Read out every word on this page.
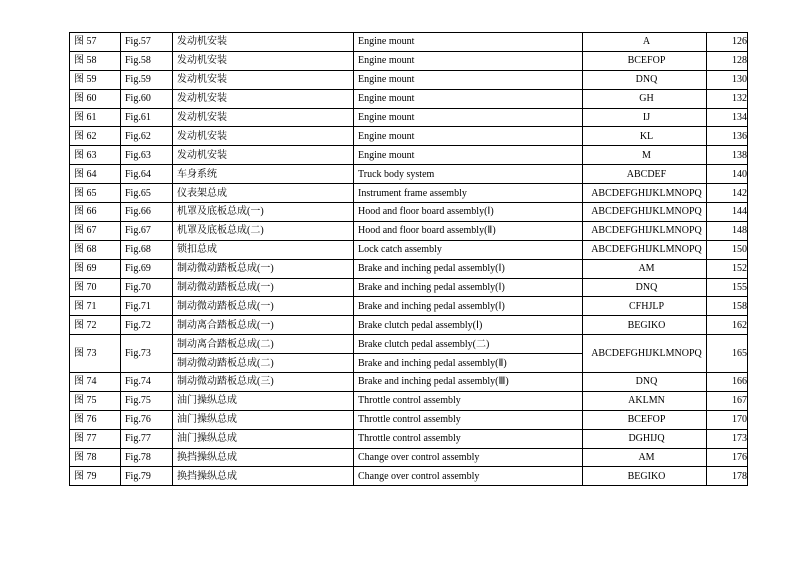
图 57	Fig.57	发动机安装	Engine mount	A	126
图 58	Fig.58	发动机安装	Engine mount	BCEFOP	128
图 59	Fig.59	发动机安装	Engine mount	DNQ	130
图 60	Fig.60	发动机安装	Engine mount	GH	132
图 61	Fig.61	发动机安装	Engine mount	IJ	134
图 62	Fig.62	发动机安装	Engine mount	KL	136
图 63	Fig.63	发动机安装	Engine mount	M	138
图 64	Fig.64	车身系统	Truck body system	ABCDEF	140
图 65	Fig.65	仪表架总成	Instrument frame assembly	ABCDEFGHIJKLMNOPQ	142
图 66	Fig.66	机罩及底板总成(一)	Hood and floor board assembly(Ⅰ)	ABCDEFGHIJKLMNOPQ	144
图 67	Fig.67	机罩及底板总成(二)	Hood and floor board assembly(Ⅱ)	ABCDEFGHIJKLMNOPQ	148
图 68	Fig.68	锁扣总成	Lock catch assembly	ABCDEFGHIJKLMNOPQ	150
图 69	Fig.69	制动微动踏板总成(一)	Brake and inching pedal assembly(Ⅰ)	AM	152
图 70	Fig.70	制动微动踏板总成(一)	Brake and inching pedal assembly(Ⅰ)	DNQ	155
图 71	Fig.71	制动微动踏板总成(一)	Brake and inching pedal assembly(Ⅰ)	CFHJLP	158
图 72	Fig.72	制动离合踏板总成(一)	Brake clutch pedal assembly(Ⅰ)	BEGIKO	162
图 73	Fig.73	制动离合踏板总成(二)	Brake clutch pedal assembly(二)	ABCDEFGHIJKLMNOPQ	165
		制动微动踏板总成(二)	Brake and inching pedal assembly(Ⅱ)		
图 74	Fig.74	制动微动踏板总成(三)	Brake and inching pedal assembly(Ⅲ)	DNQ	166
图 75	Fig.75	油门操纵总成	Throttle control assembly	AKLMN	167
图 76	Fig.76	油门操纵总成	Throttle control assembly	BCEFOP	170
图 77	Fig.77	油门操纵总成	Throttle control assembly	DGHIJQ	173
图 78	Fig.78	换挡操纵总成	Change over control assembly	AM	176
图 79	Fig.79	换挡操纵总成	Change over control assembly	BEGIKO	178
